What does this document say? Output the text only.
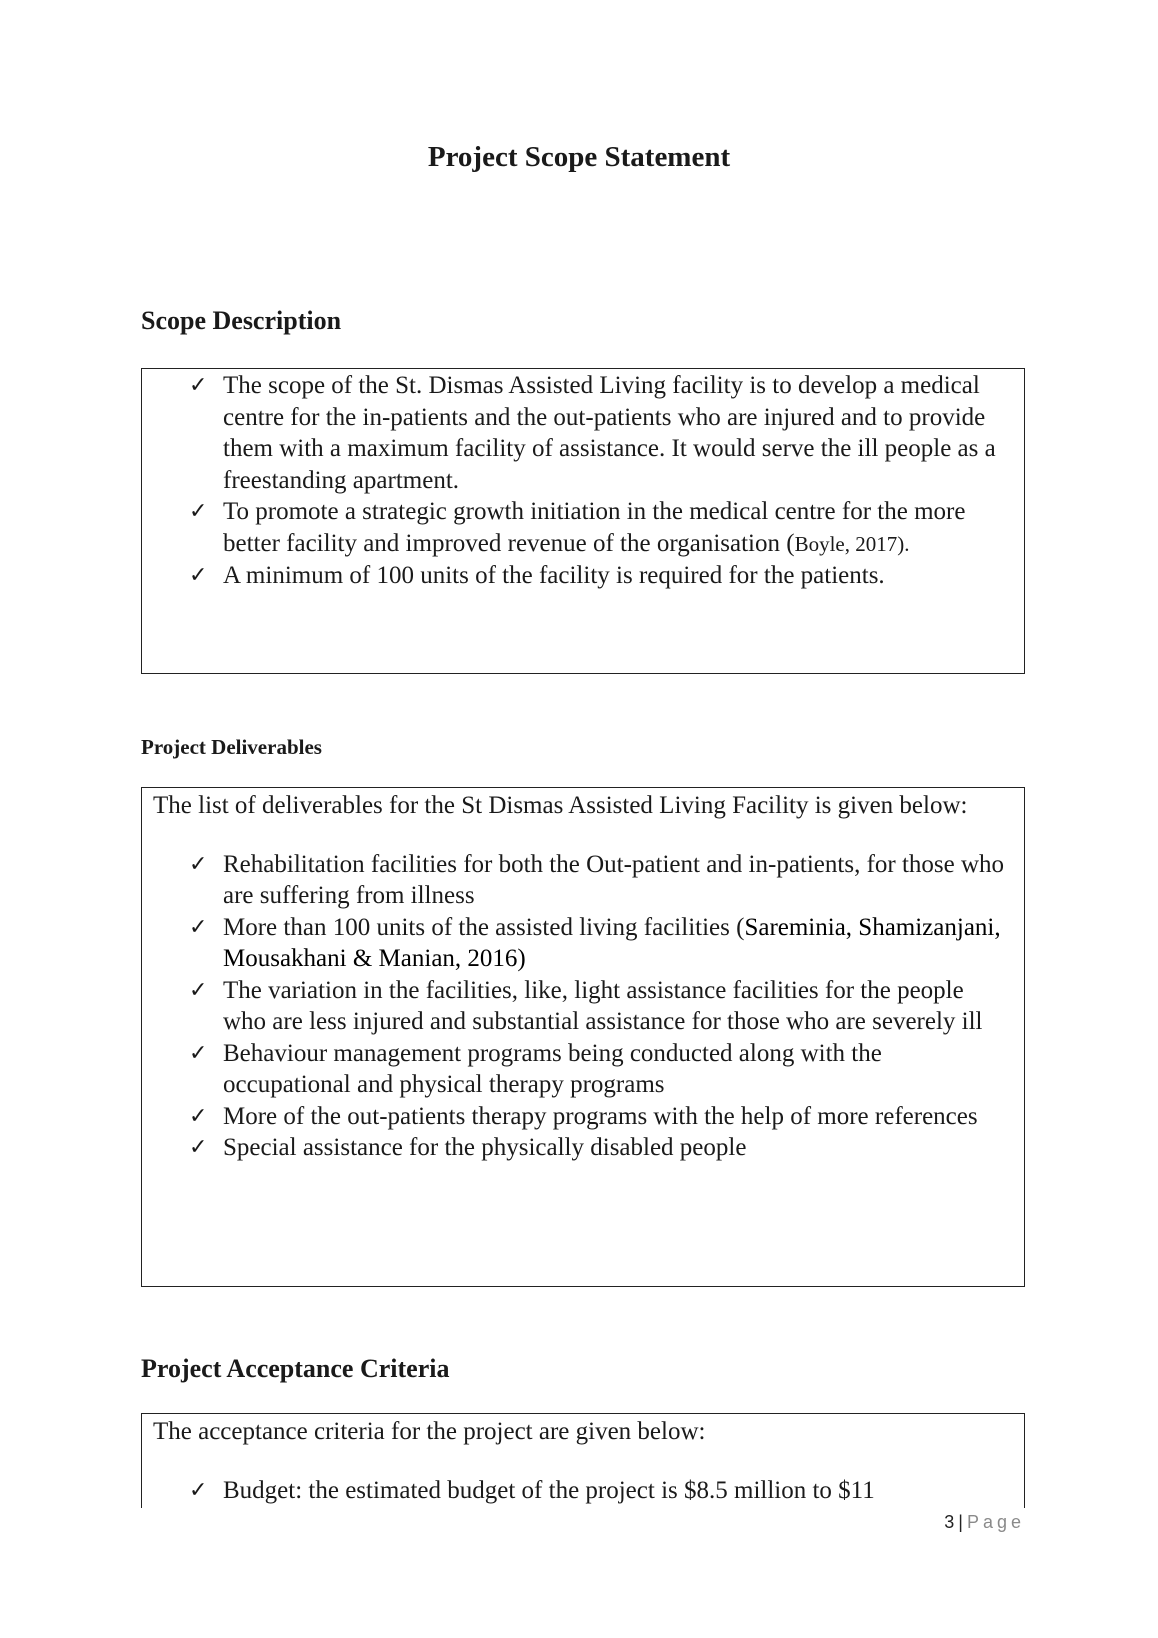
Project Scope Statement
Scope Description
✓ The scope of the St. Dismas Assisted Living facility is to develop a medical centre for the in-patients and the out-patients who are injured and to provide them with a maximum facility of assistance. It would serve the ill people as a freestanding apartment.
✓ To promote a strategic growth initiation in the medical centre for the more better facility and improved revenue of the organisation (Boyle, 2017).
✓ A minimum of 100 units of the facility is required for the patients.
Project Deliverables

The list of deliverables for the St Dismas Assisted Living Facility is given below:

✓ Rehabilitation facilities for both the Out-patient and in-patients, for those who are suffering from illness
✓ More than 100 units of the assisted living facilities (Sareminia, Shamizanjani, Mousakhani & Manian, 2016)
✓ The variation in the facilities, like, light assistance facilities for the people who are less injured and substantial assistance for those who are severely ill
✓ Behaviour management programs being conducted along with the occupational and physical therapy programs
✓ More of the out-patients therapy programs with the help of more references
✓ Special assistance for the physically disabled people
Project Acceptance Criteria

The acceptance criteria for the project are given below:

✓ Budget: the estimated budget of the project is $8.5 million to $11
3 | Page
